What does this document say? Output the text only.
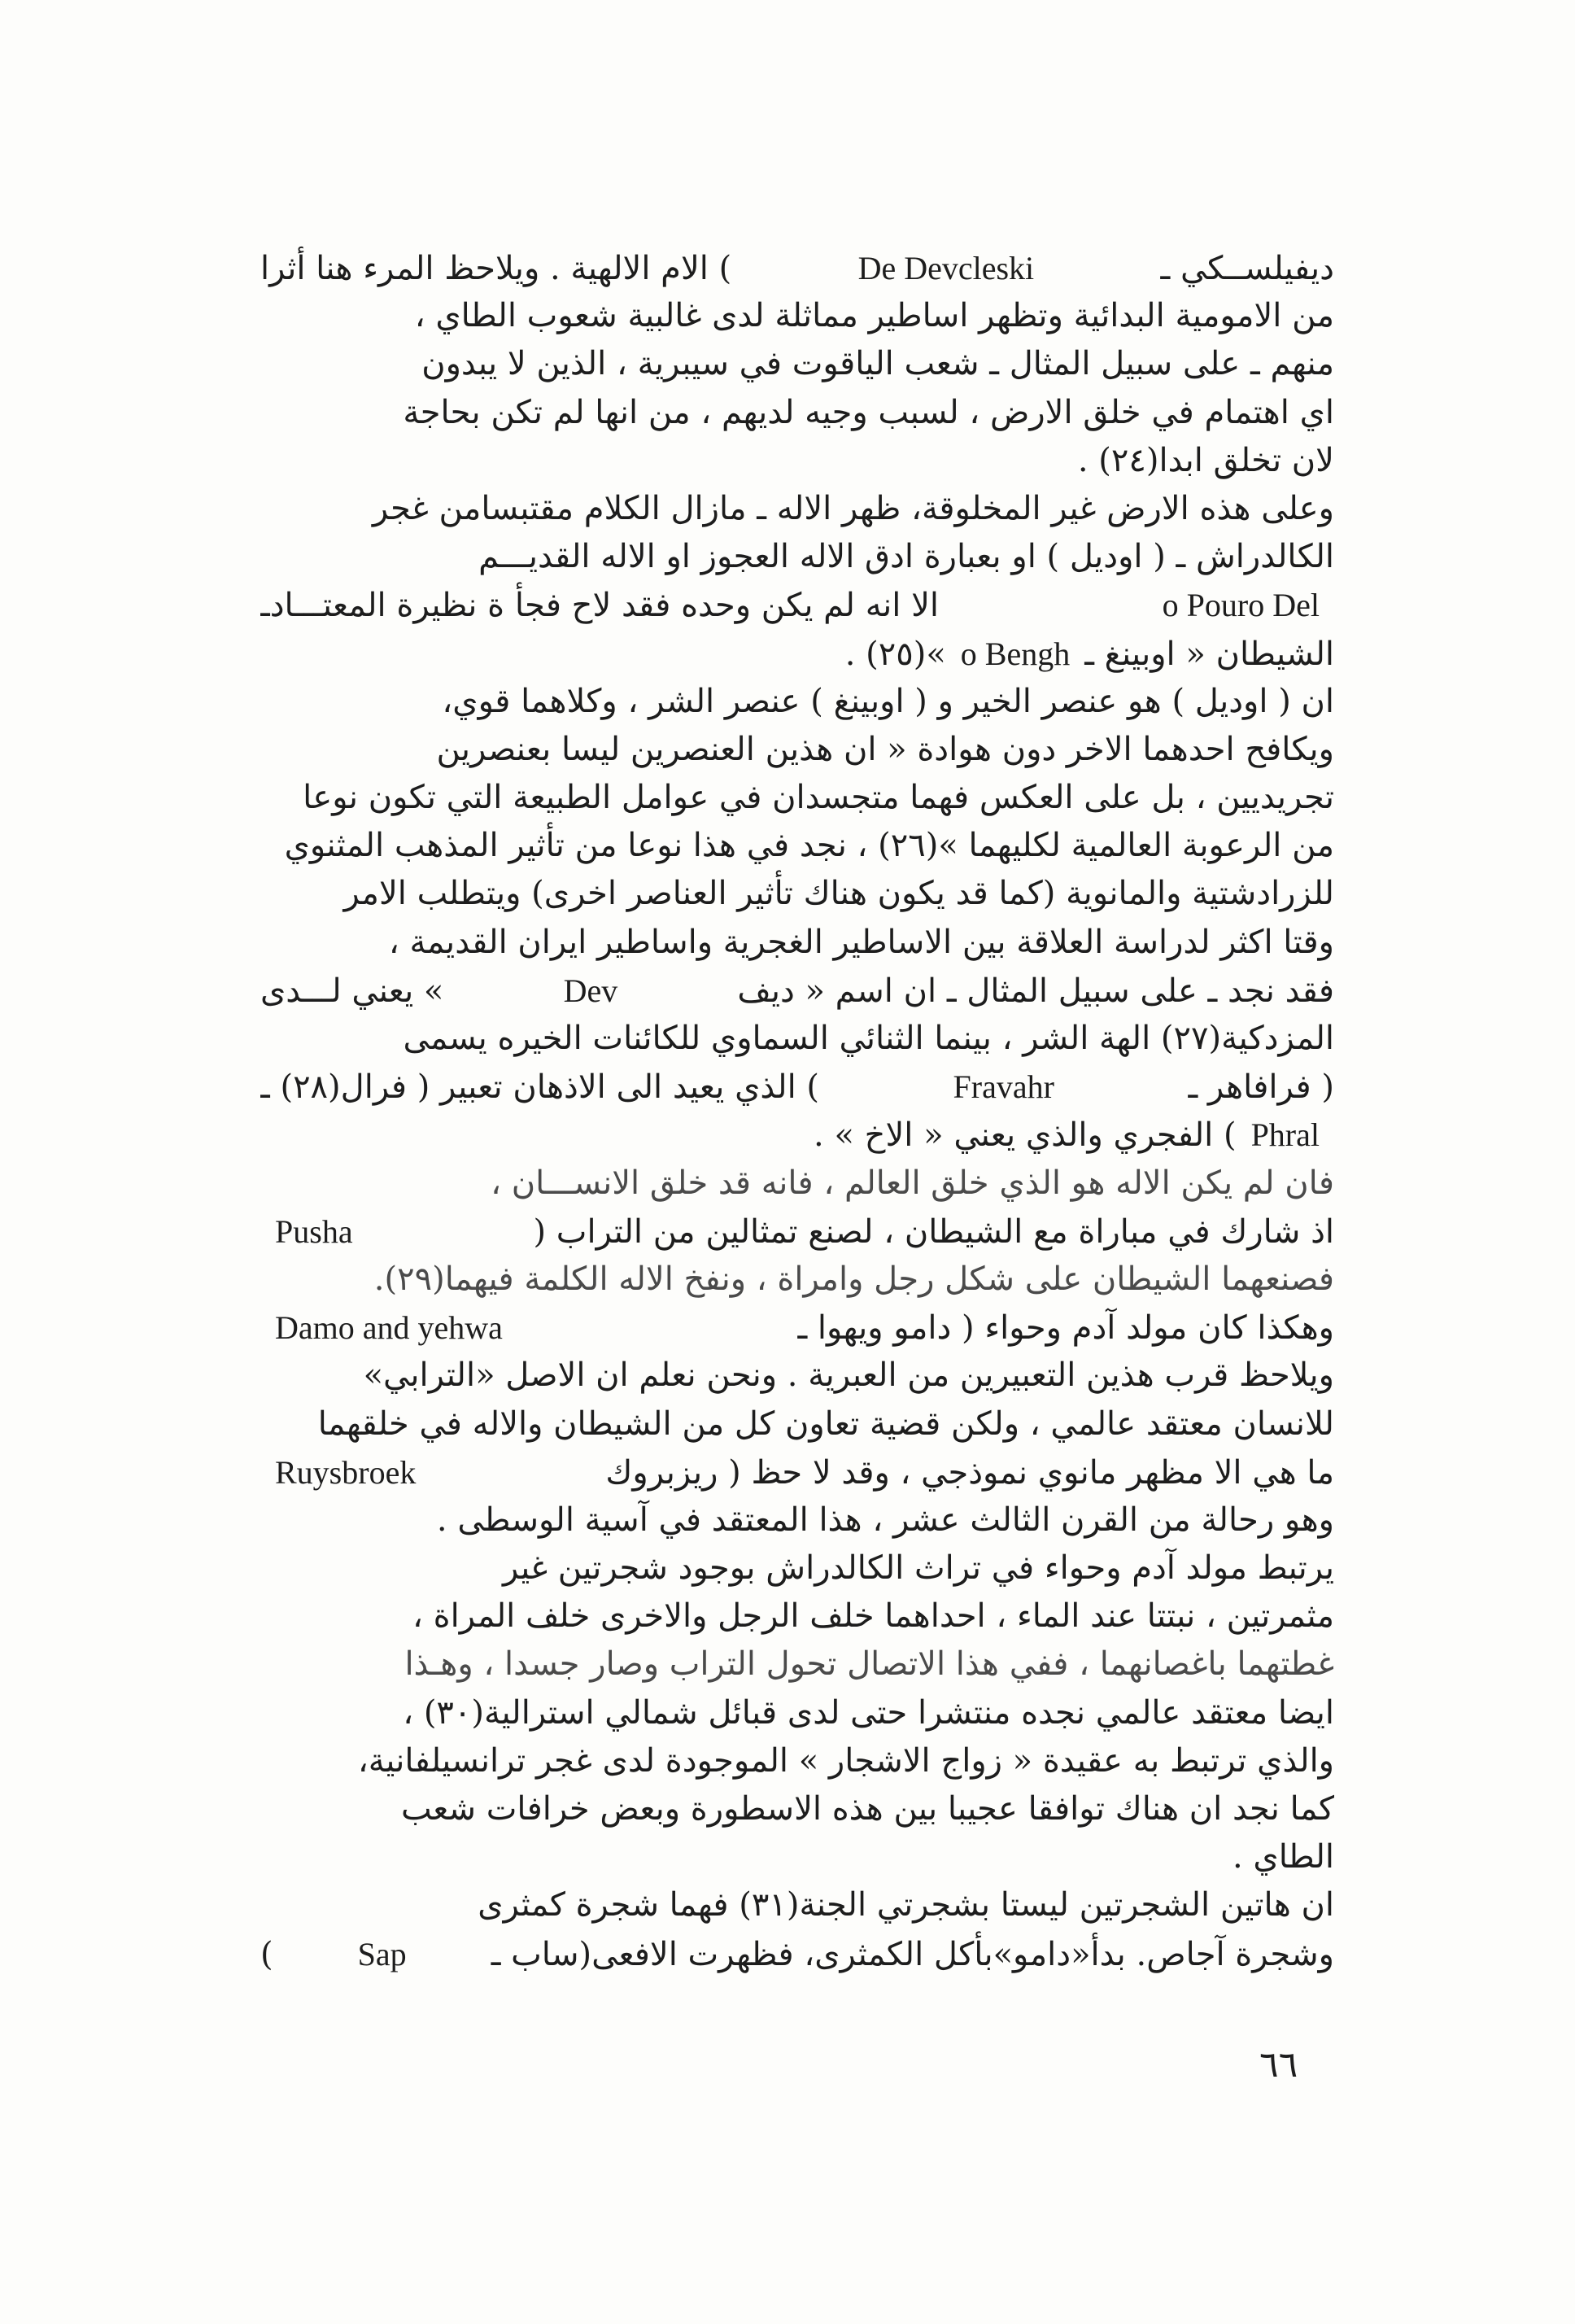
ديفيلســكي ـ
De Devcleski
) الام الالهية . ويلاحظ المرء هنا أثرا
من الامومية البدائية وتظهر اساطير مماثلة لدى غالبية شعوب الطاي ،
منهم ـ على سبيل المثال ـ شعب الياقوت في سيبرية ، الذين لا يبدون
اي اهتمام في خلق الارض ، لسبب وجيه لديهم ، من انها لم تكن بحاجة
لان تخلق ابدا(٢٤) .
وعلى هذه الارض غير المخلوقة، ظهر الاله ـ مازال الكلام مقتبسامن غجر
الكالدراش ـ ( اوديل ) او بعبارة ادق الاله العجوز او الاله القديـــم
o Pouro Del
الا انه لم يكن وحده فقد لاح فجأ ة نظيرة المعتـــادـ
الشيطان « اوبينغ ـ
o Bengh
»(٢٥) .
ان ( اوديل ) هو عنصر الخير و ( اوبينغ ) عنصر الشر ، وكلاهما قوي،
ويكافح احدهما الاخر دون هوادة « ان هذين العنصرين ليسا بعنصرين
تجريديين ، بل على العكس فهما متجسدان في عوامل الطبيعة التي تكون نوعا
من الرعوبة العالمية لكليهما »(٢٦) ، نجد في هذا نوعا من تأثير المذهب المثنوي
للزرادشتية والمانوية (كما قد يكون هناك تأثير العناصر اخرى) ويتطلب الامر
وقتا اكثر لدراسة العلاقة بين الاساطير الغجرية واساطير ايران القديمة ،
فقد نجد ـ على سبيل المثال ـ ان اسم « ديف
Dev
» يعني لـــدى
المزدكية(٢٧) الهة الشر ، بينما الثنائي السماوي للكائنات الخيره يسمى
( فرافاهر ـ
Fravahr
) الذي يعيد الى الاذهان تعبير ( فرال(٢٨) ـ
Phral
) الفجري والذي يعني « الاخ » .
فان لم يكن الاله هو الذي خلق العالم ، فانه قد خلق الانســـان ،
اذ شارك في مباراة مع الشيطان ، لصنع تمثالين من التراب (
Pusha
فصنعهما الشيطان على شكل رجل وامراة ، ونفخ الاله الكلمة فيهما(٢٩).
وهكذا كان مولد آدم وحواء ( دامو ويهوا ـ
Damo and yehwa
ويلاحظ قرب هذين التعبيرين من العبرية . ونحن نعلم ان الاصل «الترابي»
للانسان معتقد عالمي ، ولكن قضية تعاون كل من الشيطان والاله في خلقهما
ما هي الا مظهر مانوي نموذجي ، وقد لا حظ ( ريزبروك
Ruysbroek
وهو رحالة من القرن الثالث عشر ، هذا المعتقد في آسية الوسطى .
يرتبط مولد آدم وحواء في تراث الكالدراش بوجود شجرتين غير
مثمرتين ، نبتتا عند الماء ، احداهما خلف الرجل والاخرى خلف المراة ،
غطتهما باغصانهما ، ففي هذا الاتصال تحول التراب وصار جسدا ، وهـذا
ايضا معتقد عالمي نجده منتشرا حتى لدى قبائل شمالي استرالية(٣٠) ،
والذي ترتبط به عقيدة « زواج الاشجار » الموجودة لدى غجر ترانسيلفانية،
كما نجد ان هناك توافقا عجيبا بين هذه الاسطورة وبعض خرافات شعب
الطاي .
ان هاتين الشجرتين ليستا بشجرتي الجنة(٣١) فهما شجرة كمثرى
وشجرة آجاص. بدأ«دامو»بأكل الكمثرى، فظهرت الافعى(ساب ـ
Sap
)
٦٦
